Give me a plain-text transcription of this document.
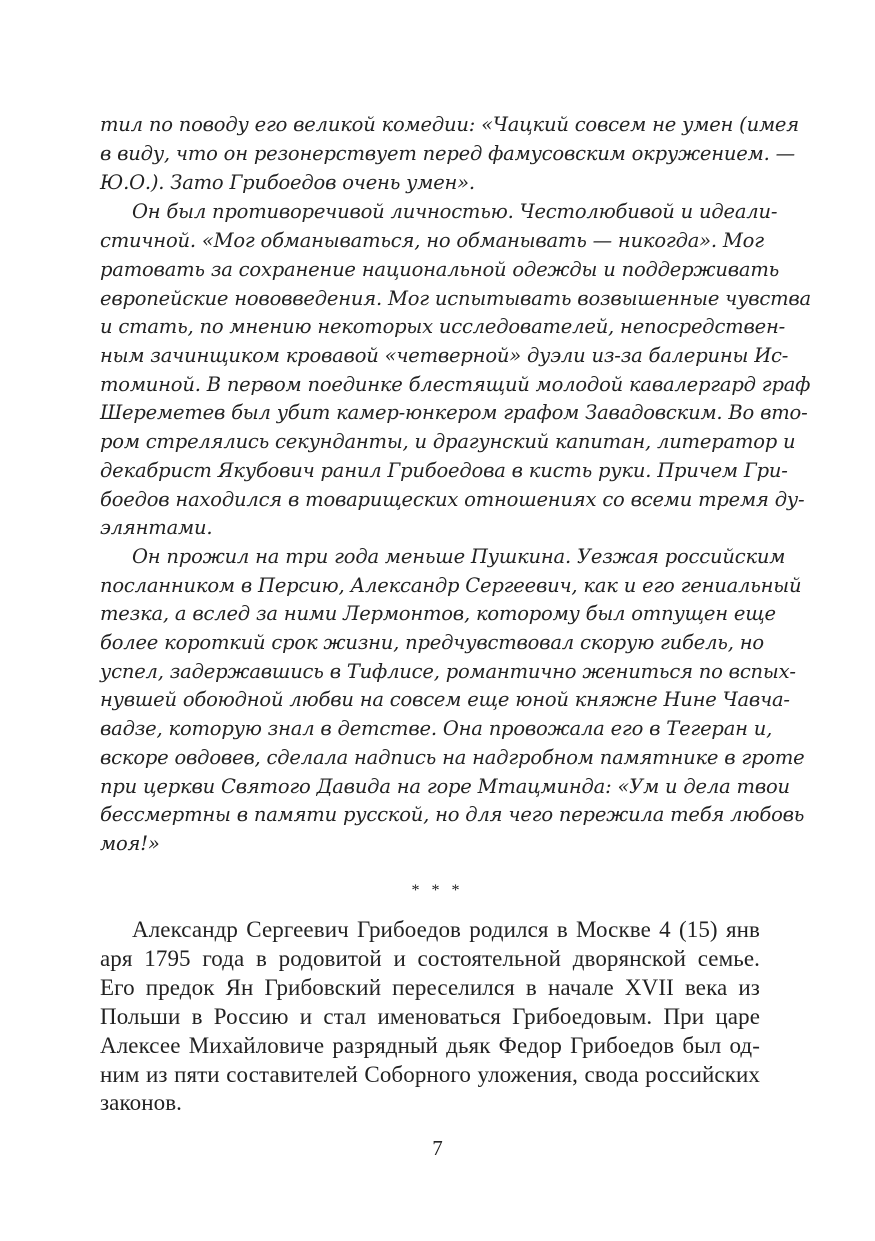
тил по поводу его великой комедии: «Чацкий совсем не умен (имея
в виду, что он резонерствует перед фамусовским окружением. —
Ю.О.). Зато Грибоедов очень умен».
Он был противоречивой личностью. Честолюбивой и идеали-
стичной. «Мог обманываться, но обманывать — никогда». Мог
ратовать за сохранение национальной одежды и поддерживать
европейские нововведения. Мог испытывать возвышенные чувства
и стать, по мнению некоторых исследователей, непосредствен-
ным зачинщиком кровавой «четверной» дуэли из-за балерины Ис-
томиной. В первом поединке блестящий молодой кавалергард граф
Шереметев был убит камер-юнкером графом Завадовским. Во вто-
ром стрелялись секунданты, и драгунский капитан, литератор и
декабрист Якубович ранил Грибоедова в кисть руки. Причем Гри-
боедов находился в товарищеских отношениях со всеми тремя ду-
элянтами.
Он прожил на три года меньше Пушкина. Уезжая российским
посланником в Персию, Александр Сергеевич, как и его гениальный
тезка, а вслед за ними Лермонтов, которому был отпущен еще
более короткий срок жизни, предчувствовал скорую гибель, но
успел, задержавшись в Тифлисе, романтично жениться по вспых-
нувшей обоюдной любви на совсем еще юной княжне Нине Чавча-
вадзе, которую знал в детстве. Она провожала его в Тегеран и,
вскоре овдовев, сделала надпись на надгробном памятнике в гроте
при церкви Святого Давида на горе Мтацминда: «Ум и дела твои
бессмертны в памяти русской, но для чего пережила тебя любовь
моя!»
* * *
Александр Сергеевич Грибоедов родился в Москве 4 (15) янв
аря 1795 года в родовитой и состоятельной дворянской семье.
Его предок Ян Грибовский переселился в начале XVII века из
Польши в Россию и стал именоваться Грибоедовым. При царе
Алексее Михайловиче разрядный дьяк Федор Грибоедов был од-
ним из пяти составителей Соборного уложения, свода российских
законов.
7
